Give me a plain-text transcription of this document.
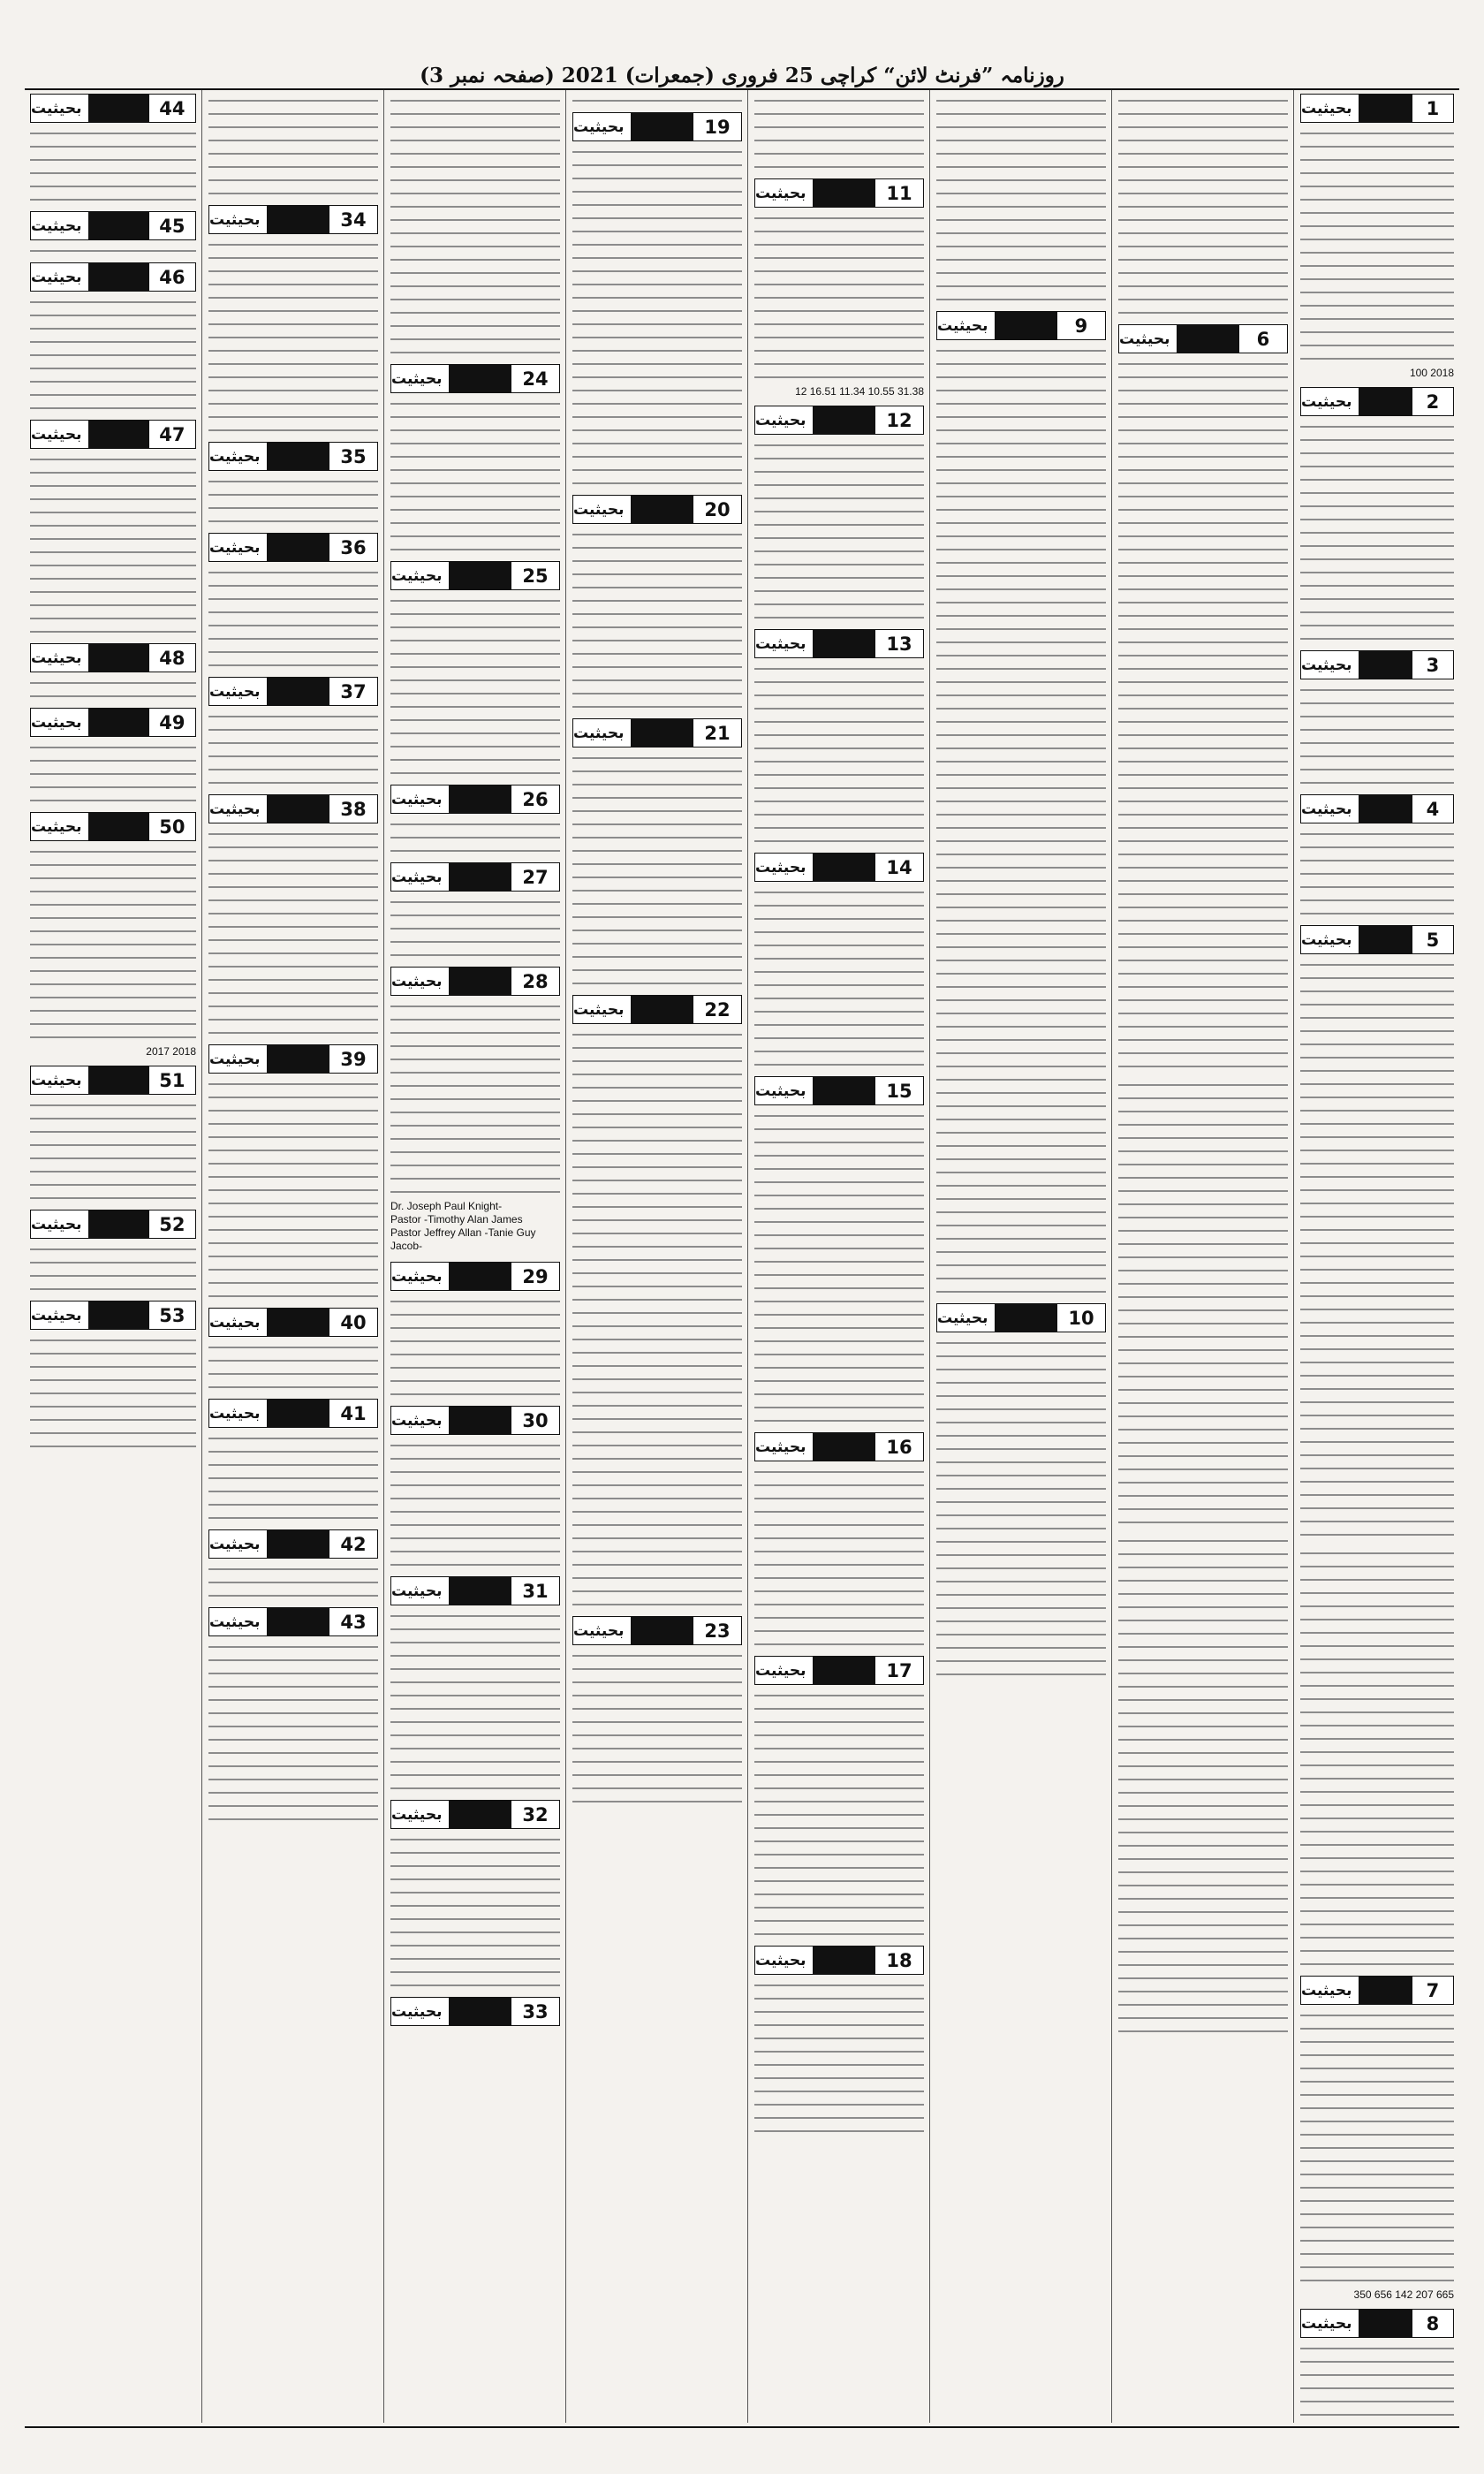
روزنامہ ”فرنٹ لائن“ کراچی 25 فروری (جمعرات) 2021 (صفحہ نمبر 3)
44
بحیثیت
45
بحیثیت
46
بحیثیت
47
بحیثیت
48
بحیثیت
49
بحیثیت
50
بحیثیت
2017 2018
51
بحیثیت
52
بحیثیت
53
بحیثیت
34
بحیثیت
35
بحیثیت
36
بحیثیت
37
بحیثیت
38
بحیثیت
39
بحیثیت
40
بحیثیت
41
بحیثیت
42
بحیثیت
43
بحیثیت
24
بحیثیت
25
بحیثیت
26
بحیثیت
27
بحیثیت
28
بحیثیت
Dr. Joseph Paul Knight-
Pastor -Timothy Alan James
Pastor Jeffrey Allan -Tanie Guy
Jacob-
29
بحیثیت
30
بحیثیت
31
بحیثیت
32
بحیثیت
33
بحیثیت
19
بحیثیت
20
بحیثیت
21
بحیثیت
22
بحیثیت
23
بحیثیت
11
بحیثیت
12 16.51 11.34 10.55 31.38
12
بحیثیت
13
بحیثیت
14
بحیثیت
15
بحیثیت
16
بحیثیت
17
بحیثیت
18
بحیثیت
9
بحیثیت
10
بحیثیت
6
بحیثیت
1
بحیثیت
100 2018
2
بحیثیت
3
بحیثیت
4
بحیثیت
5
بحیثیت
7
بحیثیت
350 656 142 207 665
8
بحیثیت
